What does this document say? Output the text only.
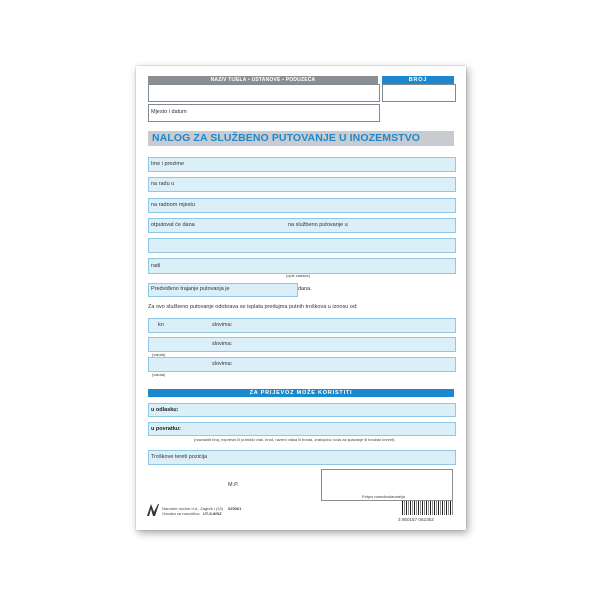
NAZIV TIJELA • USTANOVE • PODUZEĆA	BROJ
Mjesto i datum
NALOG ZA SLUŽBENO PUTOVANJE U INOZEMSTVO
Ime i prezime
na radu u
na radnom mjestu
otputovat će dana	na službeno putovanje u
radi
(opis zadaće)
Predviđeno trajanje putovanja je	dana.
Za ovo službeno putovanje odobrava se isplata predujma putnih troškova u iznosu od:
kn	slovima:
slovima:
(valuta)
slovima:
(valuta)
ZA PRIJEVOZ MOŽE KORISTITI
u odlasku:
u povratku:
(naznačiti broj, expresni ili putnički vlak, brod, razred vlaka ili broda, zrakoplov, kola za spavanje ili brodski krevet)
Troškove tereti pozicija
M.P.
Potpis naredbodavatelja
Narodne novine d.d., Zagreb i (10)
Oznaka za narudžbu: UT-II-8/NZ
020061
3 850157 062362
